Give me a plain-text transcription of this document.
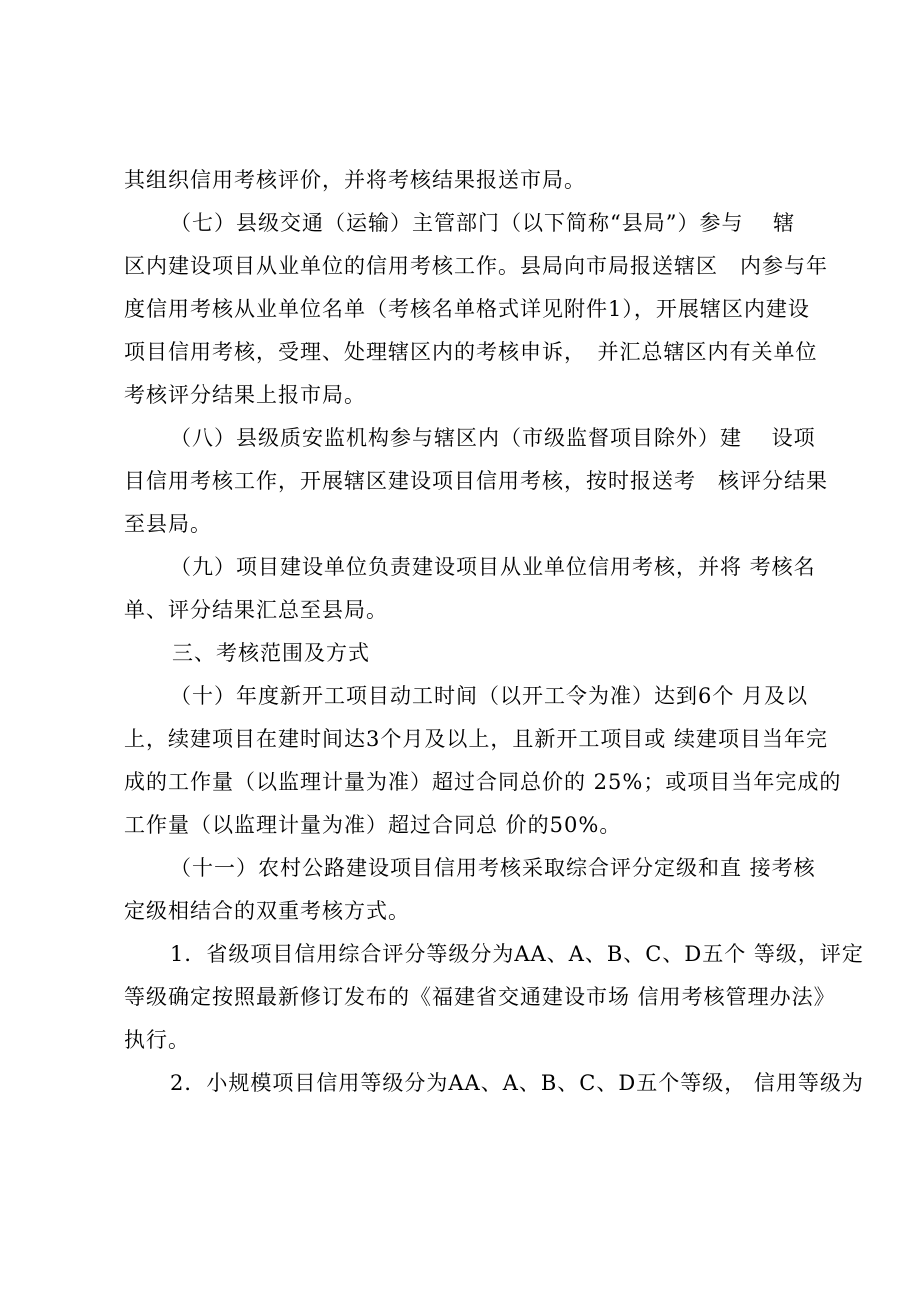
其组织信用考核评价，并将考核结果报送市局。
（七）县级交通（运输）主管部门（以下简称“县局”）参与　 辖
区内建设项目从业单位的信用考核工作。县局向市局报送辖区　内参与年
度信用考核从业单位名单（考核名单格式详见附件1），开展辖区内建设
项目信用考核，受理、处理辖区内的考核申诉，　并汇总辖区内有关单位
考核评分结果上报市局。
（八）县级质安监机构参与辖区内（市级监督项目除外）建　 设项
目信用考核工作，开展辖区建设项目信用考核，按时报送考　核评分结果
至县局。
（九）项目建设单位负责建设项目从业单位信用考核，并将 考核名
单、评分结果汇总至县局。
三、考核范围及方式
（十）年度新开工项目动工时间（以开工令为准）达到6个 月及以
上，续建项目在建时间达3个月及以上，且新开工项目或 续建项目当年完
成的工作量（以监理计量为准）超过合同总价的 25%；或项目当年完成的
工作量（以监理计量为准）超过合同总 价的50%。
（十一）农村公路建设项目信用考核采取综合评分定级和直 接考核
定级相结合的双重考核方式。
1．省级项目信用综合评分等级分为AA、A、B、C、D五个 等级，评定
等级确定按照最新修订发布的《福建省交通建设市场 信用考核管理办法》
执行。
2．小规模项目信用等级分为AA、A、B、C、D五个等级， 信用等级为
